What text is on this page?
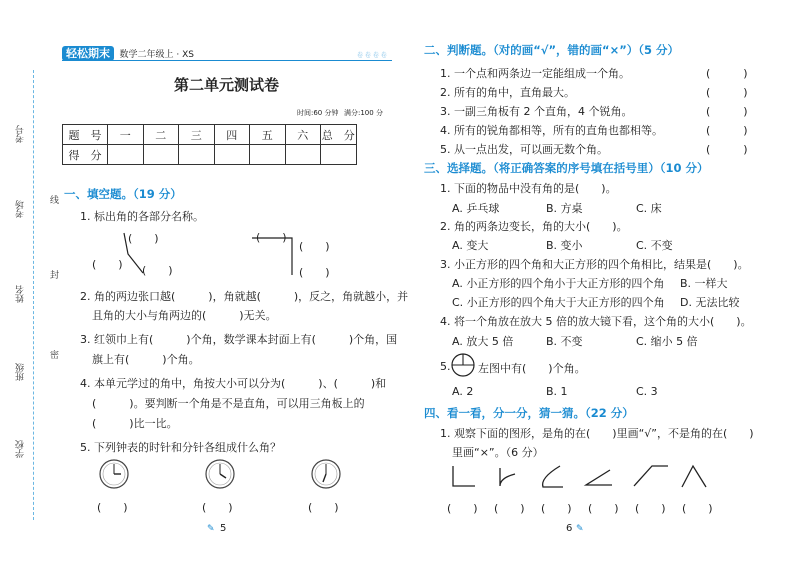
考号
考场
姓名
班级
学校
线
封
密
轻松期末 数学二年级上 · XS	卷 卷 卷 卷
第二单元测试卷
时间:60 分钟 满分:100 分
题　号	一	二	三	四	五	六	总　分
得　分							
一、填空题。（19 分）
1. 标出角的各部分名称。
(　　)
(　　) (　　)
(　　)
(　　)
(　　)
2. 角的两边张口越(　　　)，角就越(　　　)，反之，角就越小，并
且角的大小与角两边的(　　　)无关。
3. 红领巾上有(　　　)个角，数学课本封面上有(　　　)个角，国
旗上有(　　　)个角。
4. 本单元学过的角中，角按大小可以分为(　　　)、(　　　)和
(　　　)。要判断一个角是不是直角，可以用三角板上的
(　　　)比一比。
5. 下列钟表的时针和分针各组成什么角？
(　　)	(　　)	(　　)
✎ 5
二、判断题。（对的画“√”，错的画“×”）（5 分）
1. 一个点和两条边一定能组成一个角。
2. 所有的角中，直角最大。
3. 一副三角板有 2 个直角，4 个锐角。
4. 所有的锐角都相等，所有的直角也都相等。
5. 从一点出发，可以画无数个角。
(　　　)
(　　　)
(　　　)
(　　　)
(　　　)
三、选择题。（将正确答案的序号填在括号里）（10 分）
1. 下面的物品中没有角的是(　　)。
A. 乒乓球	B. 方桌	C. 床
2. 角的两条边变长，角的大小(　　)。
A. 变大	B. 变小	C. 不变
3. 小正方形的四个角和大正方形的四个角相比，结果是(　　)。
A. 小正方形的四个角小于大正方形的四个角 B. 一样大
C. 小正方形的四个角大于大正方形的四个角 D. 无法比较
4. 将一个角放在放大 5 倍的放大镜下看，这个角的大小(　　)。
A. 放大 5 倍	B. 不变	C. 缩小 5 倍
5.	左图中有(　　)个角。
A. 2	B. 1	C. 3
四、看一看，分一分，猜一猜。（22 分）
1. 观察下面的图形，是角的在(　　)里画“√”，不是角的在(　　)
里画“×”。（6 分）
(　　) (　　) (　　) (　　) (　　) (　　)
6 ✎
